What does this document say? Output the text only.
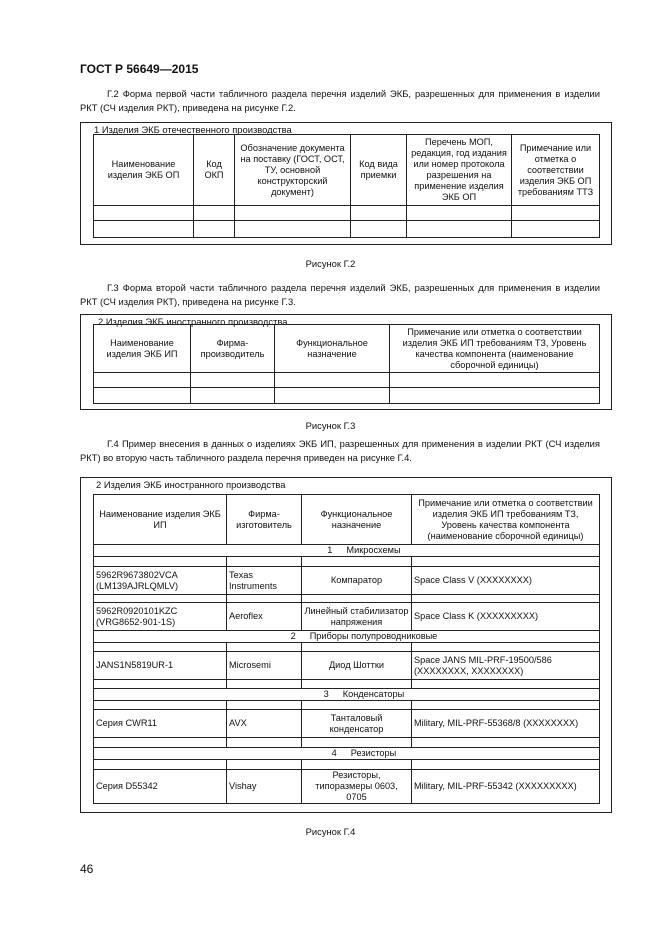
ГОСТ Р 56649—2015
Г.2 Форма первой части табличного раздела перечня изделий ЭКБ, разрешенных для применения в изделии РКТ (СЧ изделия РКТ), приведена на рисунке Г.2.
1 Изделия ЭКБ отечественного производства
Наименование изделия ЭКБ ОП	Код ОКП	Обозначение документа на поставку (ГОСТ, ОСТ, ТУ, основной конструкторский документ)	Код вида приемки	Перечень МОП, редакция, год издания или номер протокола разрешения на применение изделия ЭКБ ОП	Примечание или отметка о соответствии изделия ЭКБ ОП требованиям ТТЗ

Рисунок Г.2
Г.3 Форма второй части табличного раздела перечня изделий ЭКБ, разрешенных для применения в изделии РКТ (СЧ изделия РКТ), приведена на рисунке Г.3.
2 Изделия ЭКБ иностранного производства
Наименование изделия ЭКБ ИП	Фирма-производитель	Функциональное назначение	Примечание или отметка о соответствии изделия ЭКБ ИП требованиям ТЗ, Уровень качества компонента (наименование сборочной единицы)

Рисунок Г.3
Г.4 Пример внесения в данных о изделиях ЭКБ ИП, разрешенных для применения в изделии РКТ (СЧ изделия РКТ) во вторую часть табличного раздела перечня приведен на рисунке Г.4.
2 Изделия ЭКБ иностранного производства
Наименование изделия ЭКБ ИП	Фирма-изготовитель	Функциональное назначение	Примечание или отметка о соответствии изделия ЭКБ ИП требованиям ТЗ, Уровень качества компонента (наименование сборочной единицы)
1 Микросхемы			

5962R9673802VCA (LM139AJRLQMLV)	Texas Instruments	Компаратор	Space Class V (XXXXXXXX)

5962R0920101KZC (VRG8652-901-1S)	Aeroflex	Линейный стабилизатор напряжения	Space Class K (XXXXXXXXX)
2 Приборы полупроводниковые			

JANS1N5819UR-1	Microsemi	Диод Шоттки	Space JANS MIL-PRF-19500/586 (XXXXXXXX, XXXXXXXX)

3 Конденсаторы			

Серия CWR11	AVX	Танталовый конденсатор	Military, MIL-PRF-55368/8 (XXXXXXXX)

4 Резисторы			

Серия D55342	Vishay	Резисторы, типоразмеры 0603, 0705	Military, MIL-PRF-55342 (XXXXXXXXX)
Рисунок Г.4
46
